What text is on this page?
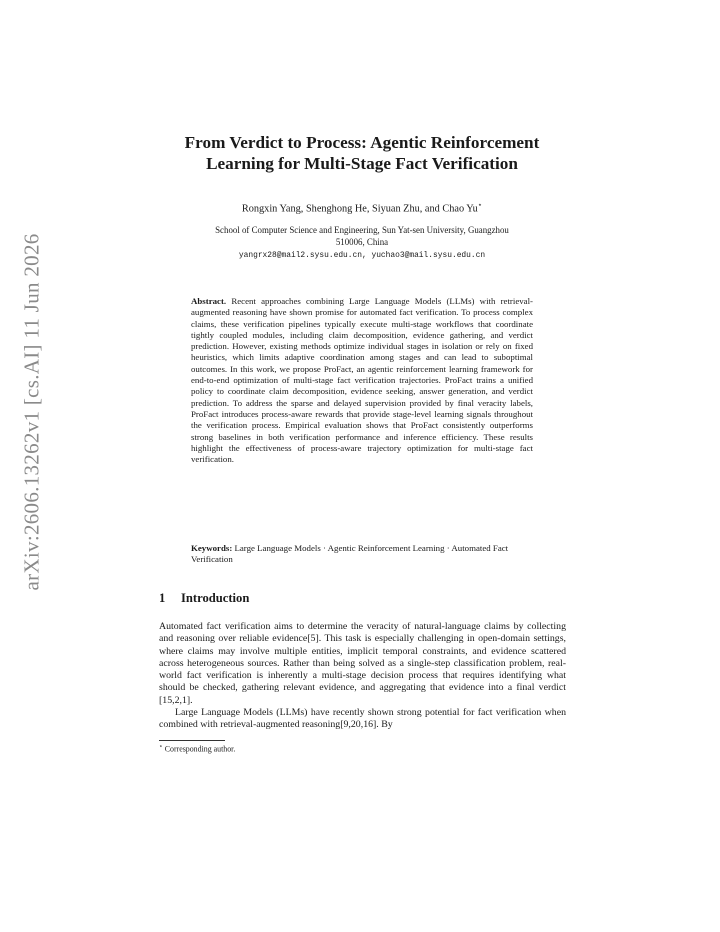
arXiv:2606.13262v1 [cs.AI] 11 Jun 2026
From Verdict to Process: Agentic Reinforcement
Learning for Multi-Stage Fact Verification
Rongxin Yang, Shenghong He, Siyuan Zhu, and Chao Yu⋆
School of Computer Science and Engineering, Sun Yat-sen University, Guangzhou
510006, China
yangrx28@mail2.sysu.edu.cn, yuchao3@mail.sysu.edu.cn
Abstract. Recent approaches combining Large Language Models (LLMs) with retrieval-augmented reasoning have shown promise for automated fact verification. To process complex claims, these verification pipelines typically execute multi-stage workflows that coordinate tightly coupled modules, including claim decomposition, evidence gathering, and verdict prediction. However, existing methods optimize individual stages in isolation or rely on fixed heuristics, which limits adaptive coordination among stages and can lead to suboptimal outcomes. In this work, we propose ProFact, an agentic reinforcement learning framework for end-to-end optimization of multi-stage fact verification trajectories. ProFact trains a unified policy to coordinate claim decomposition, evidence seeking, answer generation, and verdict prediction. To address the sparse and delayed supervision provided by final veracity labels, ProFact introduces process-aware rewards that provide stage-level learning signals throughout the verification process. Empirical evaluation shows that ProFact consistently outperforms strong baselines in both verification performance and inference efficiency. These results highlight the effectiveness of process-aware trajectory optimization for multi-stage fact verification.
Keywords: Large Language Models · Agentic Reinforcement Learning · Automated Fact Verification
1 Introduction

Automated fact verification aims to determine the veracity of natural-language claims by collecting and reasoning over reliable evidence[5]. This task is especially challenging in open-domain settings, where claims may involve multiple entities, implicit temporal constraints, and evidence scattered across heterogeneous sources. Rather than being solved as a single-step classification problem, real-world fact verification is inherently a multi-stage decision process that requires identifying what should be checked, gathering relevant evidence, and aggregating that evidence into a final verdict [15,2,1].

Large Language Models (LLMs) have recently shown strong potential for fact verification when combined with retrieval-augmented reasoning[9,20,16]. By

⋆ Corresponding author.
